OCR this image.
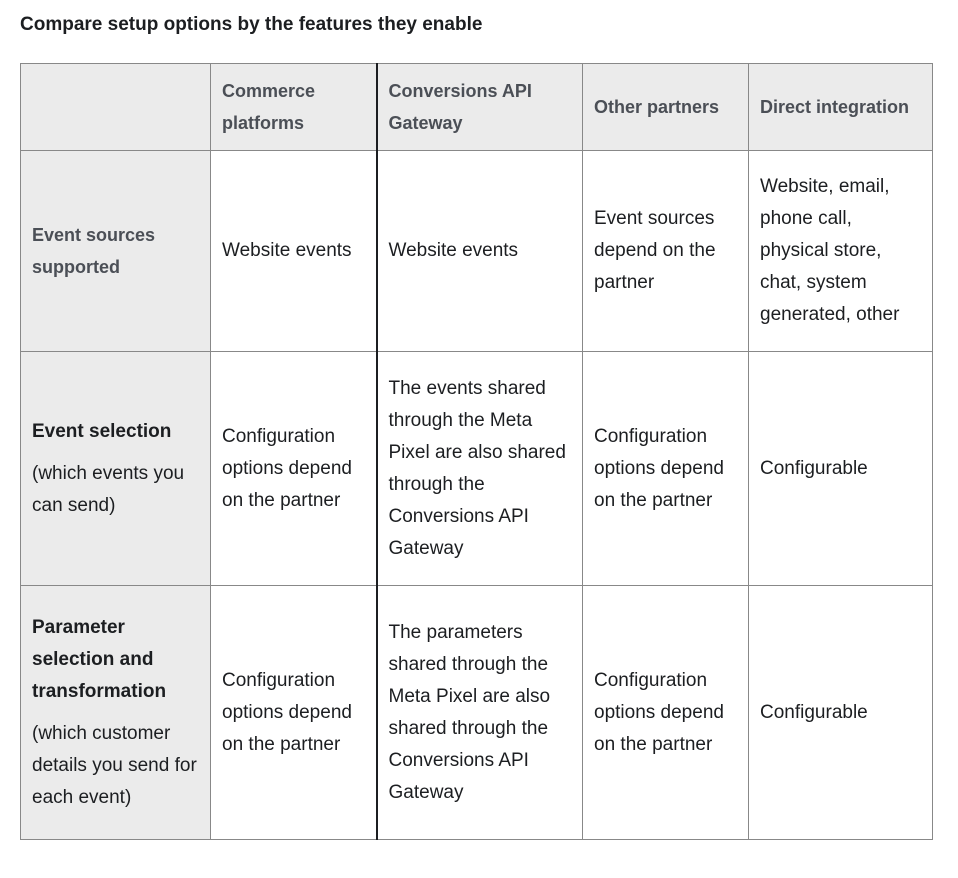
Compare setup options by the features they enable
	Commerce platforms	Conversions API Gateway	Other partners	Direct integration
Event sources supported	Website events	Website events	Event sources depend on the partner	Website, email, phone call, physical store, chat, system generated, other

Event selection
(which events you can send)	Configuration options depend on the partner	The events shared through the Meta Pixel are also shared through the Conversions API Gateway	Configuration options depend on the partner	Configurable

Parameter selection and transformation
(which customer details you send for each event)	Configuration options depend on the partner	The parameters shared through the Meta Pixel are also shared through the Conversions API Gateway	Configuration options depend on the partner	Configurable
